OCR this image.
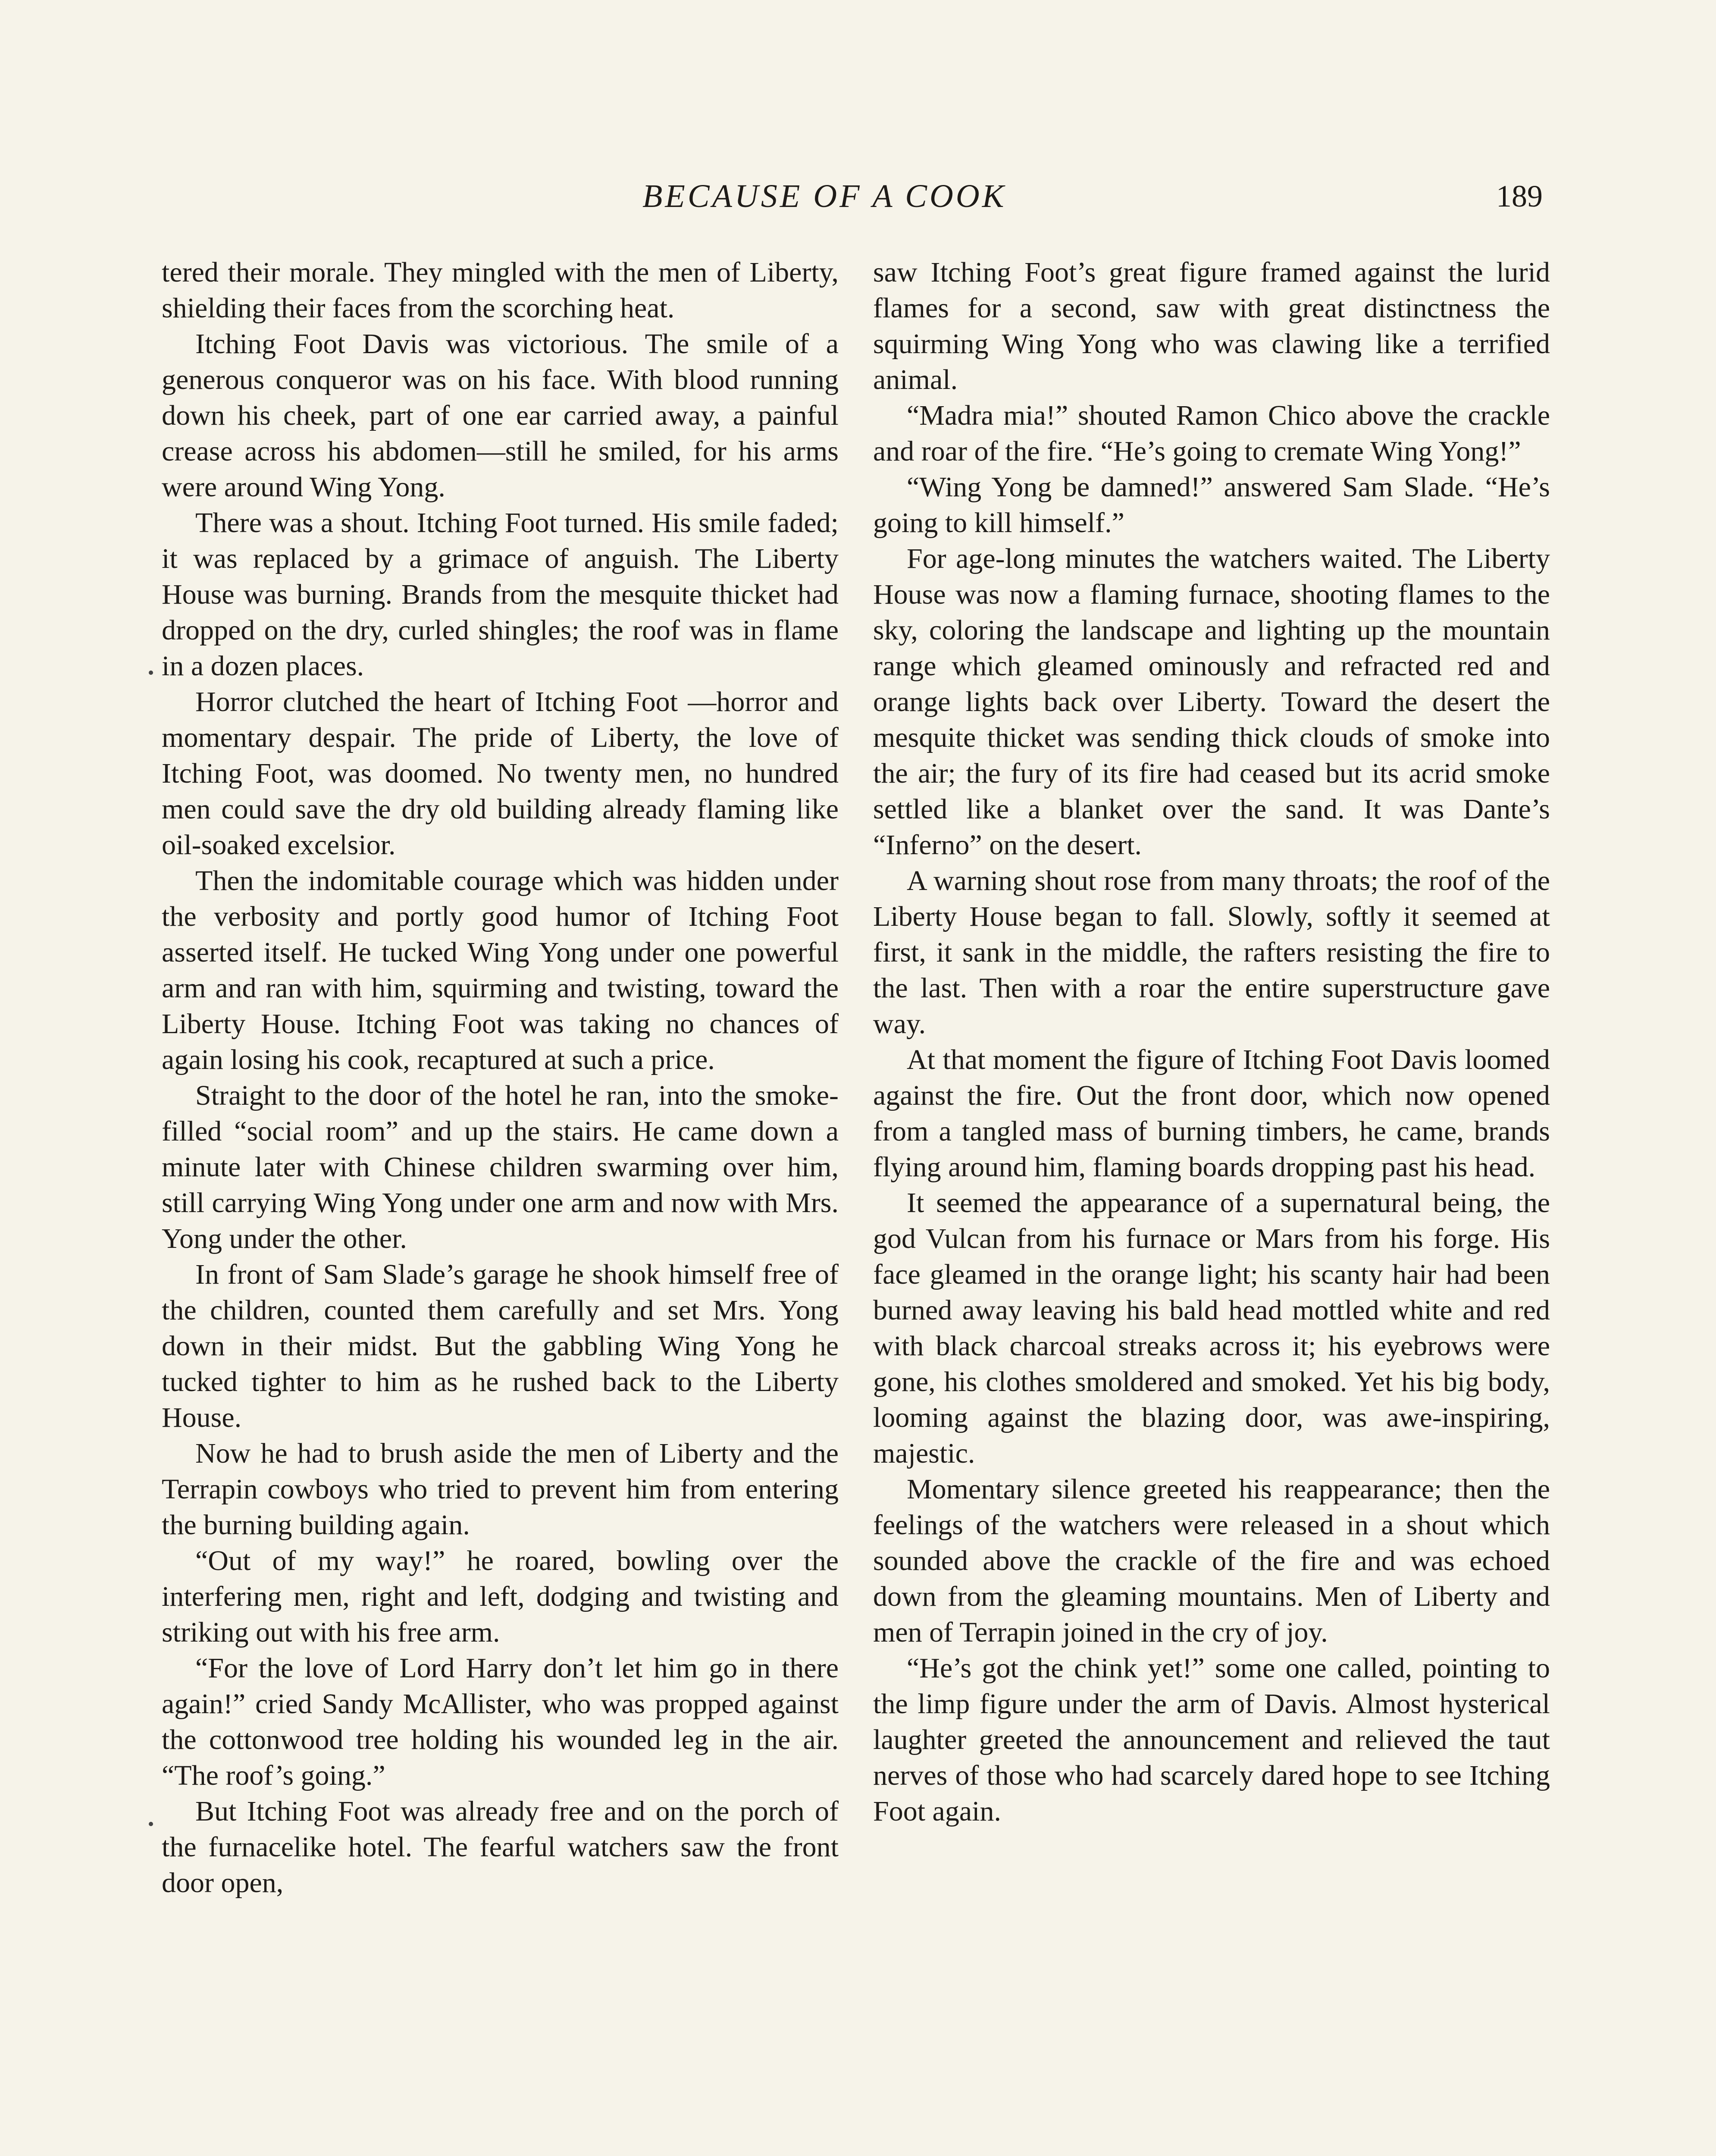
BECAUSE OF A COOK	189

tered their morale. They mingled with the men of Liberty, shielding their faces from the scorching heat.

Itching Foot Davis was victorious. The smile of a generous conqueror was on his face. With blood running down his cheek, part of one ear carried away, a painful crease across his abdomen—still he smiled, for his arms were around Wing Yong.

There was a shout. Itching Foot turned. His smile faded; it was replaced by a grimace of anguish. The Liberty House was burning. Brands from the mesquite thicket had dropped on the dry, curled shingles; the roof was in flame in a dozen places.

Horror clutched the heart of Itching Foot —horror and momentary despair. The pride of Liberty, the love of Itching Foot, was doomed. No twenty men, no hundred men could save the dry old building already flaming like oil-soaked excelsior.

Then the indomitable courage which was hidden under the verbosity and portly good humor of Itching Foot asserted itself. He tucked Wing Yong under one powerful arm and ran with him, squirming and twisting, toward the Liberty House. Itching Foot was taking no chances of again losing his cook, recaptured at such a price.

Straight to the door of the hotel he ran, into the smoke-filled “social room” and up the stairs. He came down a minute later with Chinese children swarming over him, still carrying Wing Yong under one arm and now with Mrs. Yong under the other.

In front of Sam Slade’s garage he shook himself free of the children, counted them carefully and set Mrs. Yong down in their midst. But the gabbling Wing Yong he tucked tighter to him as he rushed back to the Liberty House.

Now he had to brush aside the men of Liberty and the Terrapin cowboys who tried to prevent him from entering the burning building again.

“Out of my way!” he roared, bowling over the interfering men, right and left, dodging and twisting and striking out with his free arm.

“For the love of Lord Harry don’t let him go in there again!” cried Sandy McAllister, who was propped against the cottonwood tree holding his wounded leg in the air. “The roof’s going.”

But Itching Foot was already free and on the porch of the furnacelike hotel. The fearful watchers saw the front door open,

saw Itching Foot’s great figure framed against the lurid flames for a second, saw with great distinctness the squirming Wing Yong who was clawing like a terrified animal.

“Madra mia!” shouted Ramon Chico above the crackle and roar of the fire. “He’s going to cremate Wing Yong!”

“Wing Yong be damned!” answered Sam Slade. “He’s going to kill himself.”

For age-long minutes the watchers waited. The Liberty House was now a flaming furnace, shooting flames to the sky, coloring the landscape and lighting up the mountain range which gleamed ominously and refracted red and orange lights back over Liberty. Toward the desert the mesquite thicket was sending thick clouds of smoke into the air; the fury of its fire had ceased but its acrid smoke settled like a blanket over the sand. It was Dante’s “Inferno” on the desert.

A warning shout rose from many throats; the roof of the Liberty House began to fall. Slowly, softly it seemed at first, it sank in the middle, the rafters resisting the fire to the last. Then with a roar the entire superstructure gave way.

At that moment the figure of Itching Foot Davis loomed against the fire. Out the front door, which now opened from a tangled mass of burning timbers, he came, brands flying around him, flaming boards dropping past his head.

It seemed the appearance of a supernatural being, the god Vulcan from his furnace or Mars from his forge. His face gleamed in the orange light; his scanty hair had been burned away leaving his bald head mottled white and red with black charcoal streaks across it; his eyebrows were gone, his clothes smoldered and smoked. Yet his big body, looming against the blazing door, was awe-inspiring, majestic.

Momentary silence greeted his reappearance; then the feelings of the watchers were released in a shout which sounded above the crackle of the fire and was echoed down from the gleaming mountains. Men of Liberty and men of Terrapin joined in the cry of joy.

“He’s got the chink yet!” some one called, pointing to the limp figure under the arm of Davis. Almost hysterical laughter greeted the announcement and relieved the taut nerves of those who had scarcely dared hope to see Itching Foot again.
